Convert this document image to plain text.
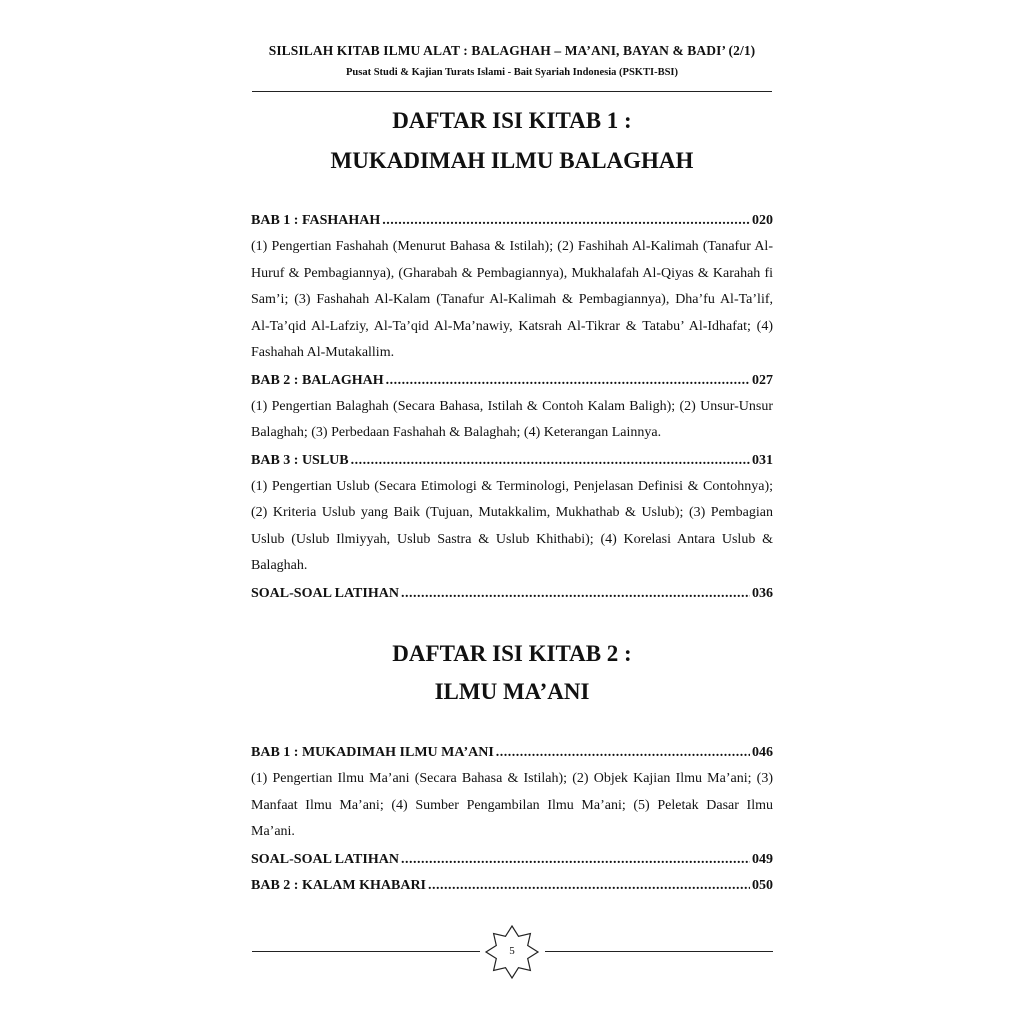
SILSILAH KITAB ILMU ALAT : BALAGHAH – MA’ANI, BAYAN & BADI’ (2/1)
Pusat Studi & Kajian Turats Islami - Bait Syariah Indonesia (PSKTI-BSI)
DAFTAR ISI KITAB 1 :
MUKADIMAH ILMU BALAGHAH
BAB 1 : FASHAHAH .....	020

(1) Pengertian Fashahah (Menurut Bahasa & Istilah); (2) Fashihah Al-Kalimah (Tanafur Al-Huruf & Pembagiannya), (Gharabah & Pembagiannya), Mukhalafah Al-Qiyas & Karahah fi Sam’i; (3) Fashahah Al-Kalam (Tanafur Al-Kalimah & Pembagiannya), Dha’fu Al-Ta’lif, Al-Ta’qid Al-Lafziy, Al-Ta’qid Al-Ma’nawiy, Katsrah Al-Tikrar & Tatabu’ Al-Idhafat; (4) Fashahah Al-Mutakallim.

BAB 2 : BALAGHAH .....	027

(1) Pengertian Balaghah (Secara Bahasa, Istilah & Contoh Kalam Baligh); (2) Unsur-Unsur Balaghah; (3) Perbedaan Fashahah & Balaghah; (4) Keterangan Lainnya.

BAB 3 : USLUB .....	031

(1) Pengertian Uslub (Secara Etimologi & Terminologi, Penjelasan Definisi & Contohnya); (2) Kriteria Uslub yang Baik (Tujuan, Mutakkalim, Mukhathab & Uslub); (3) Pembagian Uslub (Uslub Ilmiyyah, Uslub Sastra & Uslub Khithabi); (4) Korelasi Antara Uslub & Balaghah.

SOAL-SOAL LATIHAN .....	036
DAFTAR ISI KITAB 2 :
ILMU MA’ANI
BAB 1 : MUKADIMAH ILMU MA’ANI .....	046

(1) Pengertian Ilmu Ma’ani (Secara Bahasa & Istilah); (2) Objek Kajian Ilmu Ma’ani; (3) Manfaat Ilmu Ma’ani; (4) Sumber Pengambilan Ilmu Ma’ani; (5) Peletak Dasar Ilmu Ma’ani.

SOAL-SOAL LATIHAN .....	049
BAB 2 : KALAM KHABARI .....	050
5
